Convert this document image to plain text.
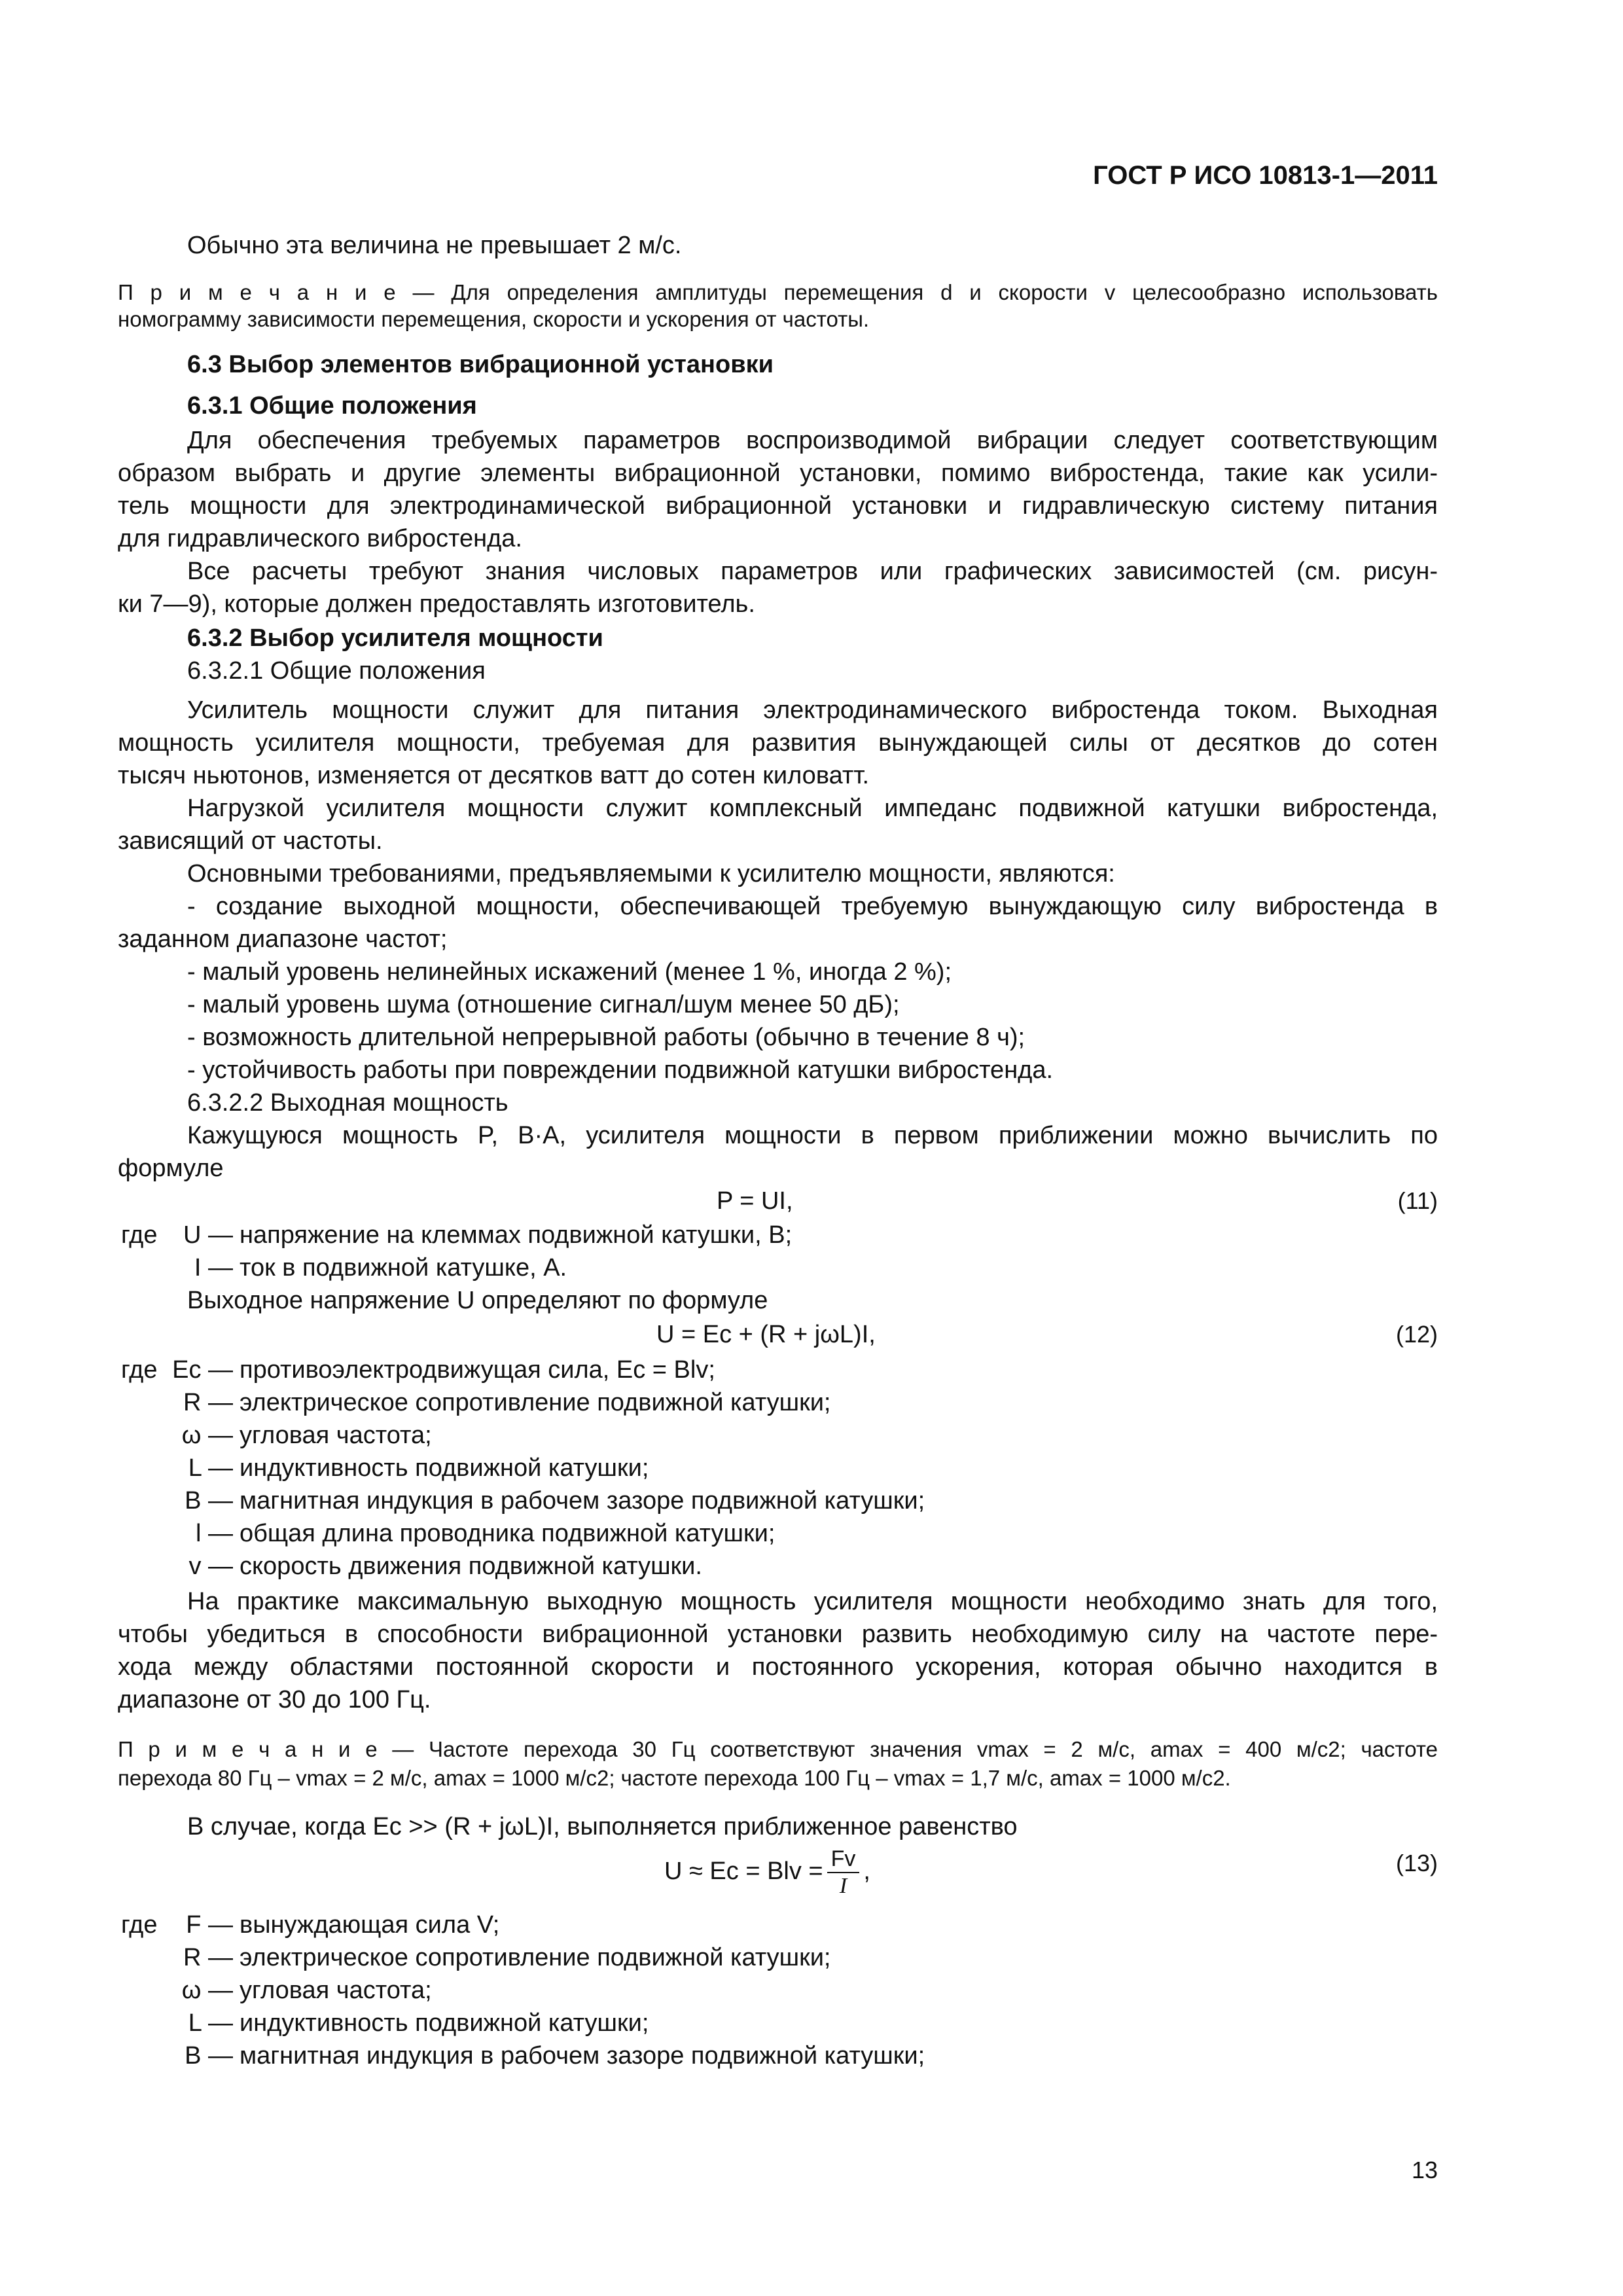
ГОСТ Р ИСО 10813-1—2011
Обычно эта величина не превышает 2 м/с.
П р и м е ч а н и е — Для определения амплитуды перемещения d и скорости v целесообразно использовать
номограмму зависимости перемещения, скорости и ускорения от частоты.
6.3 Выбор элементов вибрационной установки
6.3.1 Общие положения
Для обеспечения требуемых параметров воспроизводимой вибрации следует соответствующим
образом выбрать и другие элементы вибрационной установки, помимо вибростенда, такие как усили-
тель мощности для электродинамической вибрационной установки и гидравлическую систему питания
для гидравлического вибростенда.
Все расчеты требуют знания числовых параметров или графических зависимостей (см. рисун-
ки 7—9), которые должен предоставлять изготовитель.
6.3.2 Выбор усилителя мощности
6.3.2.1 Общие положения
Усилитель мощности служит для питания электродинамического вибростенда током. Выходная
мощность усилителя мощности, требуемая для развития вынуждающей силы от десятков до сотен
тысяч ньютонов, изменяется от десятков ватт до сотен киловатт.
Нагрузкой усилителя мощности служит комплексный импеданс подвижной катушки вибростенда,
зависящий от частоты.
Основными требованиями, предъявляемыми к усилителю мощности, являются:
- создание выходной мощности, обеспечивающей требуемую вынуждающую силу вибростенда в
заданном диапазоне частот;
- малый уровень нелинейных искажений (менее 1 %, иногда 2 %);
- малый уровень шума (отношение сигнал/шум менее 50 дБ);
- возможность длительной непрерывной работы (обычно в течение 8 ч);
- устойчивость работы при повреждении подвижной катушки вибростенда.
6.3.2.2 Выходная мощность
Кажущуюся мощность P, В·А, усилителя мощности в первом приближении можно вычислить по
формуле
P = UI,	(11)
где	U — напряжение на клеммах подвижной катушки, В;
I — ток в подвижной катушке, А.
Выходное напряжение U определяют по формуле
U = Ec + (R + jωL)I,	(12)
где Ec — противоэлектродвижущая сила, Ec = Blv;
R — электрическое сопротивление подвижной катушки;
ω — угловая частота;
L — индуктивность подвижной катушки;
B — магнитная индукция в рабочем зазоре подвижной катушки;
l — общая длина проводника подвижной катушки;
v — скорость движения подвижной катушки.
На практике максимальную выходную мощность усилителя мощности необходимо знать для того,
чтобы убедиться в способности вибрационной установки развить необходимую силу на частоте пере-
хода между областями постоянной скорости и постоянного ускорения, которая обычно находится в
диапазоне от 30 до 100 Гц.
П р и м е ч а н и е — Частоте перехода 30 Гц соответствуют значения vmax = 2 м/с, amax = 400 м/с2; частоте
перехода 80 Гц – vmax = 2 м/с, amax = 1000 м/с2; частоте перехода 100 Гц – vmax = 1,7 м/с, amax = 1000 м/с2.
В случае, когда Ec >> (R + jωL)I, выполняется приближенное равенство
U ≈ Ec = Blv = $\frac{Fv}{I}$ ,	(13)
где	F — вынуждающая сила V;
R — электрическое сопротивление подвижной катушки;
ω — угловая частота;
L — индуктивность подвижной катушки;
B — магнитная индукция в рабочем зазоре подвижной катушки;
13
